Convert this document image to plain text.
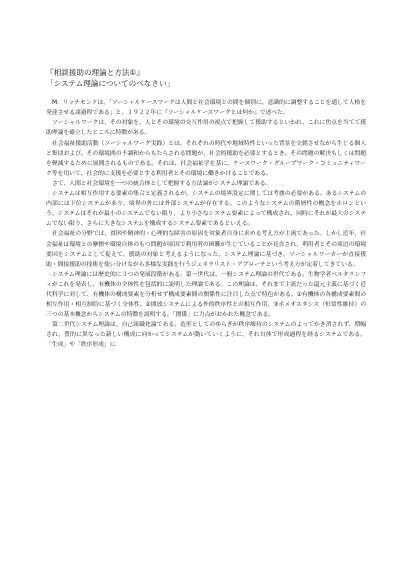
『相談援助の理論と方法①』

「システム理論についてのべなさい」

M．リッチモンドは、「ソーシャルケースワークは人間と社会環境との間を個別に、意識的に調整することを通して人格を発達させる諸過程である」と、１９２２年に『ソーシャルケースワークとは何か』で述べた。

ソーシャルワークは、その対象を、人とその環境の交互作用の視点で把握して援助するといわれ、これに焦点を当てて援助理論を確立したところに特徴がある。

社会福祉援助活動（ソーシャルワーク実践）とは、それぞれの時代や地域特性といった背景を交錯させながら生じる個人と集団および、その環境間の不調和からもたらされる問題が、社会的援助を必要とするとき、その問題の解決もしくは問題を軽減するために展開されるものである。それは、社会福祉学を基に、ケースワーク・グループワーク・コミュニティワーク等を用いて、社会的に支援を必要とする利用者とその環境に働きかけることである。

さて、人間と社会環境を一つの統合体として把握する方法論がシステム理論である。

システムは相互作用する要素の集合と定義されるが、システムの境界設定に関しては考慮の必要がある。あるシステムの内部には下位システムがあり、境界の外には外部システムが存在する。このようなシステムの階層性の概念をホロンという。システムはそれが最小のシステムでない限り、より小さなシステム要素によって構成され、同時にそれが最大のシステムでない限り、さらに大きなシステムを構成するシステム要素であるといえる。

社会福祉の分野では、貧困や精神的・心理的な障害の原因を対象者自身に求める考え方が主流であった。しかし近年、社会福祉は環境との摩擦や環境自体のもつ問題が原因で利用者の困難が生じていることが見直され、利用者とその周辺の環境要因をシステムとして捉えて、援助の対象と考えるようになった。システム理論に基づき、ソーシャルワーカーが直接援助・間接援助の技術を使い分けながら多様な実践を行うジェネラリスト・アプローチという考え方が定着してきている。

システム理論には歴史的に３つの発展段階がある。第一世代は、一般システム理論の世代である。生物学者ベルタランフィがこれを発表し、有機体の全体性を包括的に説明した理論である。この理論は、それまで主流だった還元主義に基づく近代科学に対して、有機体の構成要素を分析せず構成要素間の関係性に注目した点で特色がある。①有機体の各構成要素間の相互作用・相互制約に基づく全体性、②開放システムによる外的秩序性との相互作用、③ホメオスタシス（恒常性維持）の三つの基本概念からシステムの特徴を説明する。「関係」に力点がおかれた概念である。

第二世代システム理論は、自己組織化論である。造形としてのゆらぎが秩序維持のシステムのよってかき消されず、増幅され、質的に異なった新しい構成に向かってシステムが動いていくように、それ自体で形成過程を経るシステムである。「生成」や「秩序形成」に
